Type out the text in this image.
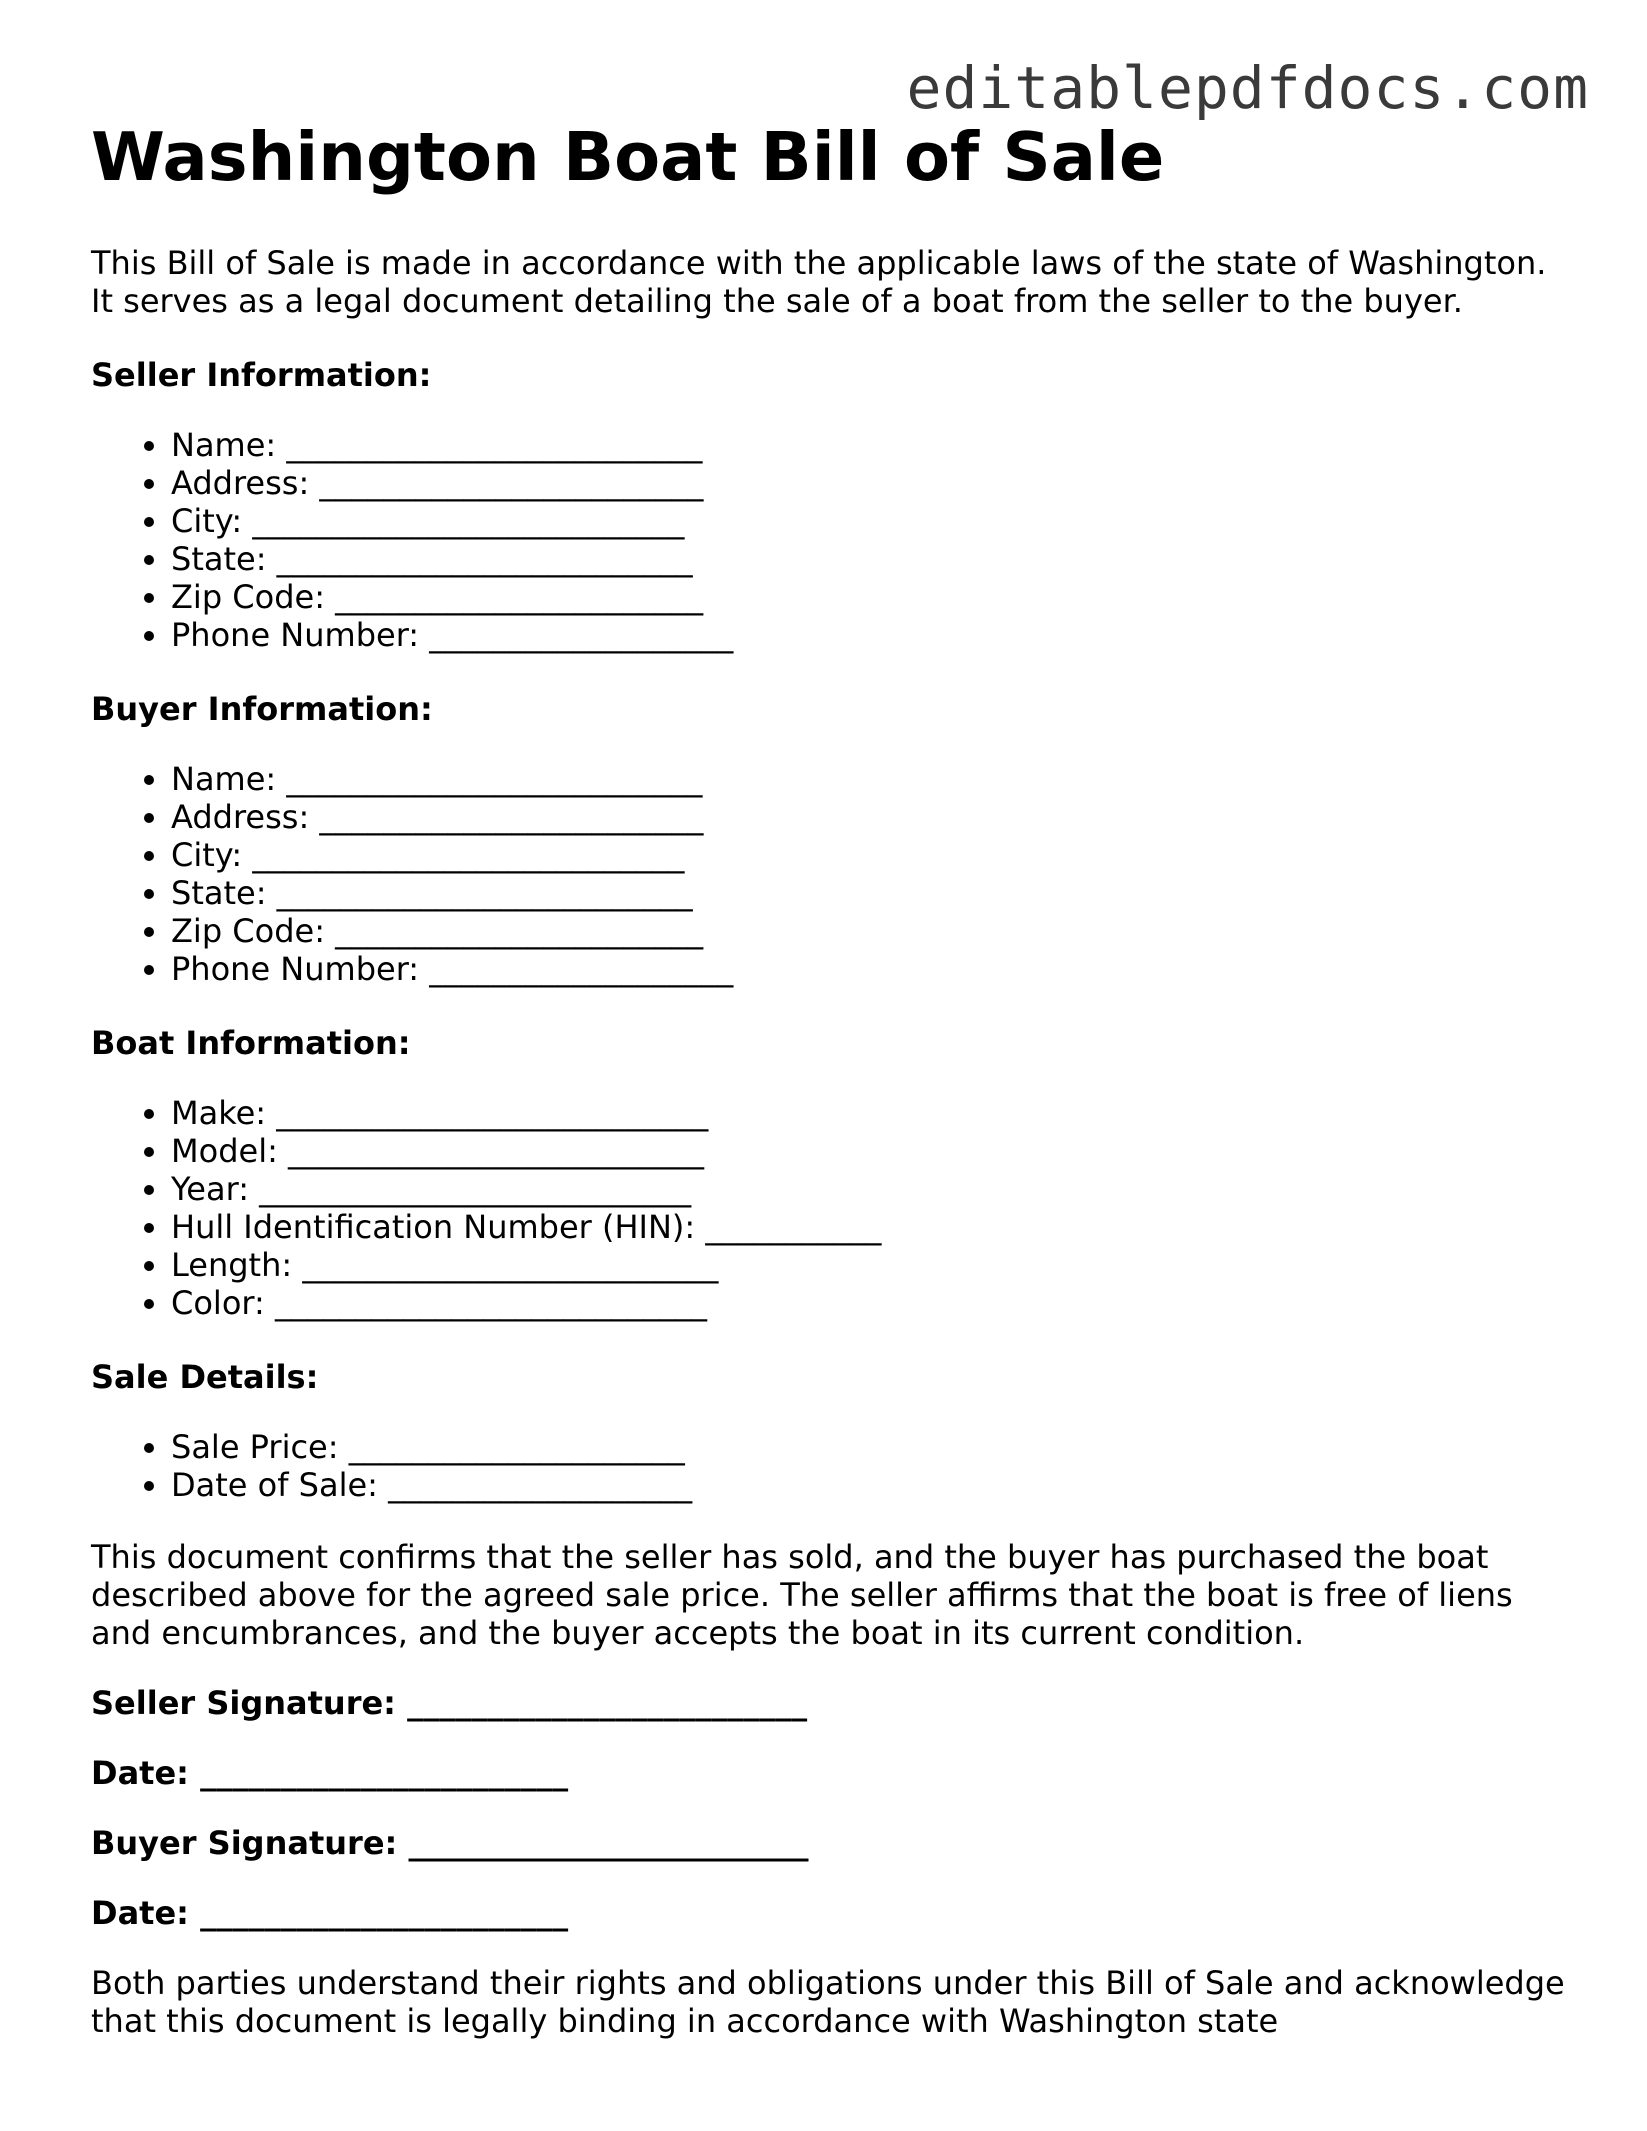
editablepdfdocs.com
Washington Boat Bill of Sale

This Bill of Sale is made in accordance with the applicable laws of the state of Washington. It serves as a legal document detailing the sale of a boat from the seller to the buyer.

Seller Information:
• Name: __________________________
• Address: ________________________
• City: ___________________________
• State: __________________________
• Zip Code: _______________________
• Phone Number: ___________________
Buyer Information:
• Name: __________________________
• Address: ________________________
• City: ___________________________
• State: __________________________
• Zip Code: _______________________
• Phone Number: ___________________
Boat Information:
• Make: ___________________________
• Model: __________________________
• Year: ___________________________
• Hull Identification Number (HIN): ___________
• Length: __________________________
• Color: ___________________________
Sale Details:
• Sale Price: _____________________
• Date of Sale: ___________________

This document confirms that the seller has sold, and the buyer has purchased the boat described above for the agreed sale price. The seller affirms that the boat is free of liens and encumbrances, and the buyer accepts the boat in its current condition.

Seller Signature: _________________________
Date: _______________________
Buyer Signature: _________________________
Date: _______________________

Both parties understand their rights and obligations under this Bill of Sale and acknowledge that this document is legally binding in accordance with Washington state
